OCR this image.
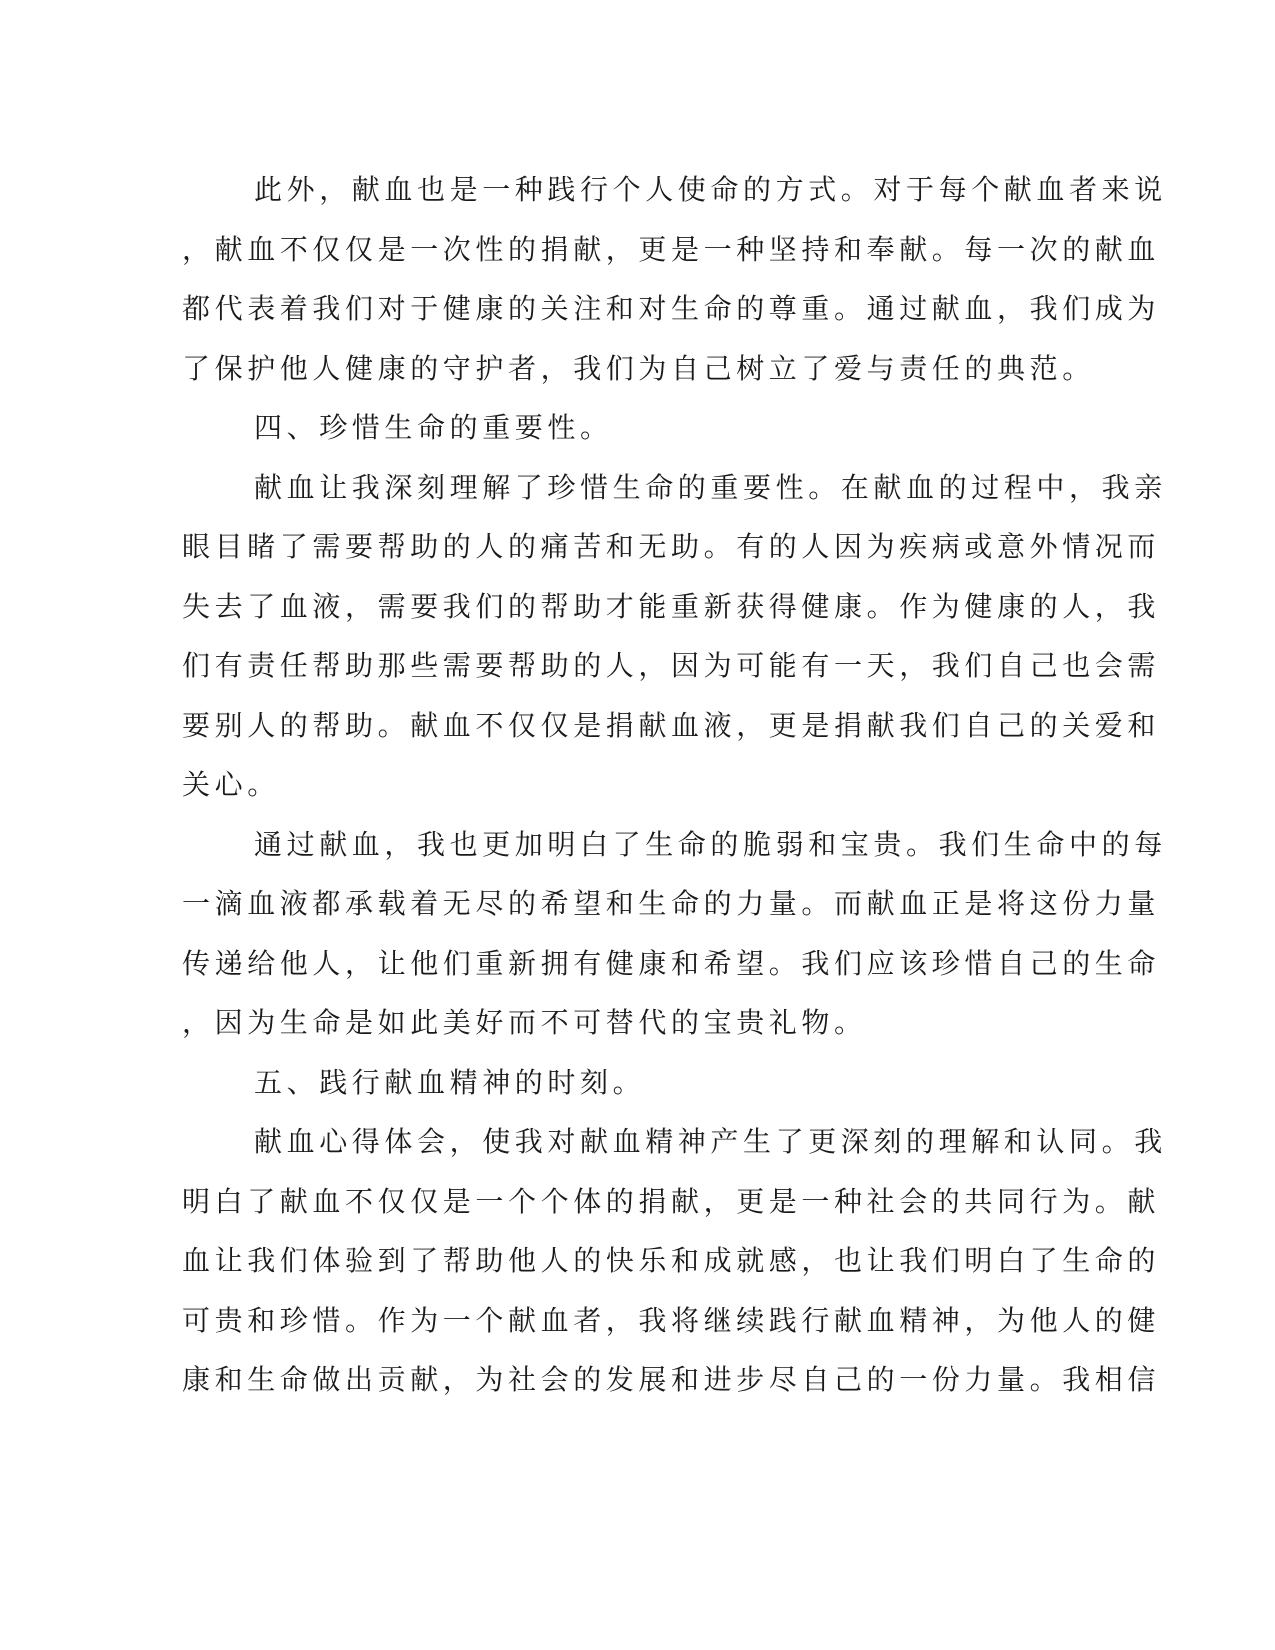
此外，献血也是一种践行个人使命的方式。对于每个献血者来说
，献血不仅仅是一次性的捐献，更是一种坚持和奉献。每一次的献血
都代表着我们对于健康的关注和对生命的尊重。通过献血，我们成为
了保护他人健康的守护者，我们为自己树立了爱与责任的典范。
四、珍惜生命的重要性。
献血让我深刻理解了珍惜生命的重要性。在献血的过程中，我亲
眼目睹了需要帮助的人的痛苦和无助。有的人因为疾病或意外情况而
失去了血液，需要我们的帮助才能重新获得健康。作为健康的人，我
们有责任帮助那些需要帮助的人，因为可能有一天，我们自己也会需
要别人的帮助。献血不仅仅是捐献血液，更是捐献我们自己的关爱和
关心。
通过献血，我也更加明白了生命的脆弱和宝贵。我们生命中的每
一滴血液都承载着无尽的希望和生命的力量。而献血正是将这份力量
传递给他人，让他们重新拥有健康和希望。我们应该珍惜自己的生命
，因为生命是如此美好而不可替代的宝贵礼物。
五、践行献血精神的时刻。
献血心得体会，使我对献血精神产生了更深刻的理解和认同。我
明白了献血不仅仅是一个个体的捐献，更是一种社会的共同行为。献
血让我们体验到了帮助他人的快乐和成就感，也让我们明白了生命的
可贵和珍惜。作为一个献血者，我将继续践行献血精神，为他人的健
康和生命做出贡献，为社会的发展和进步尽自己的一份力量。我相信
